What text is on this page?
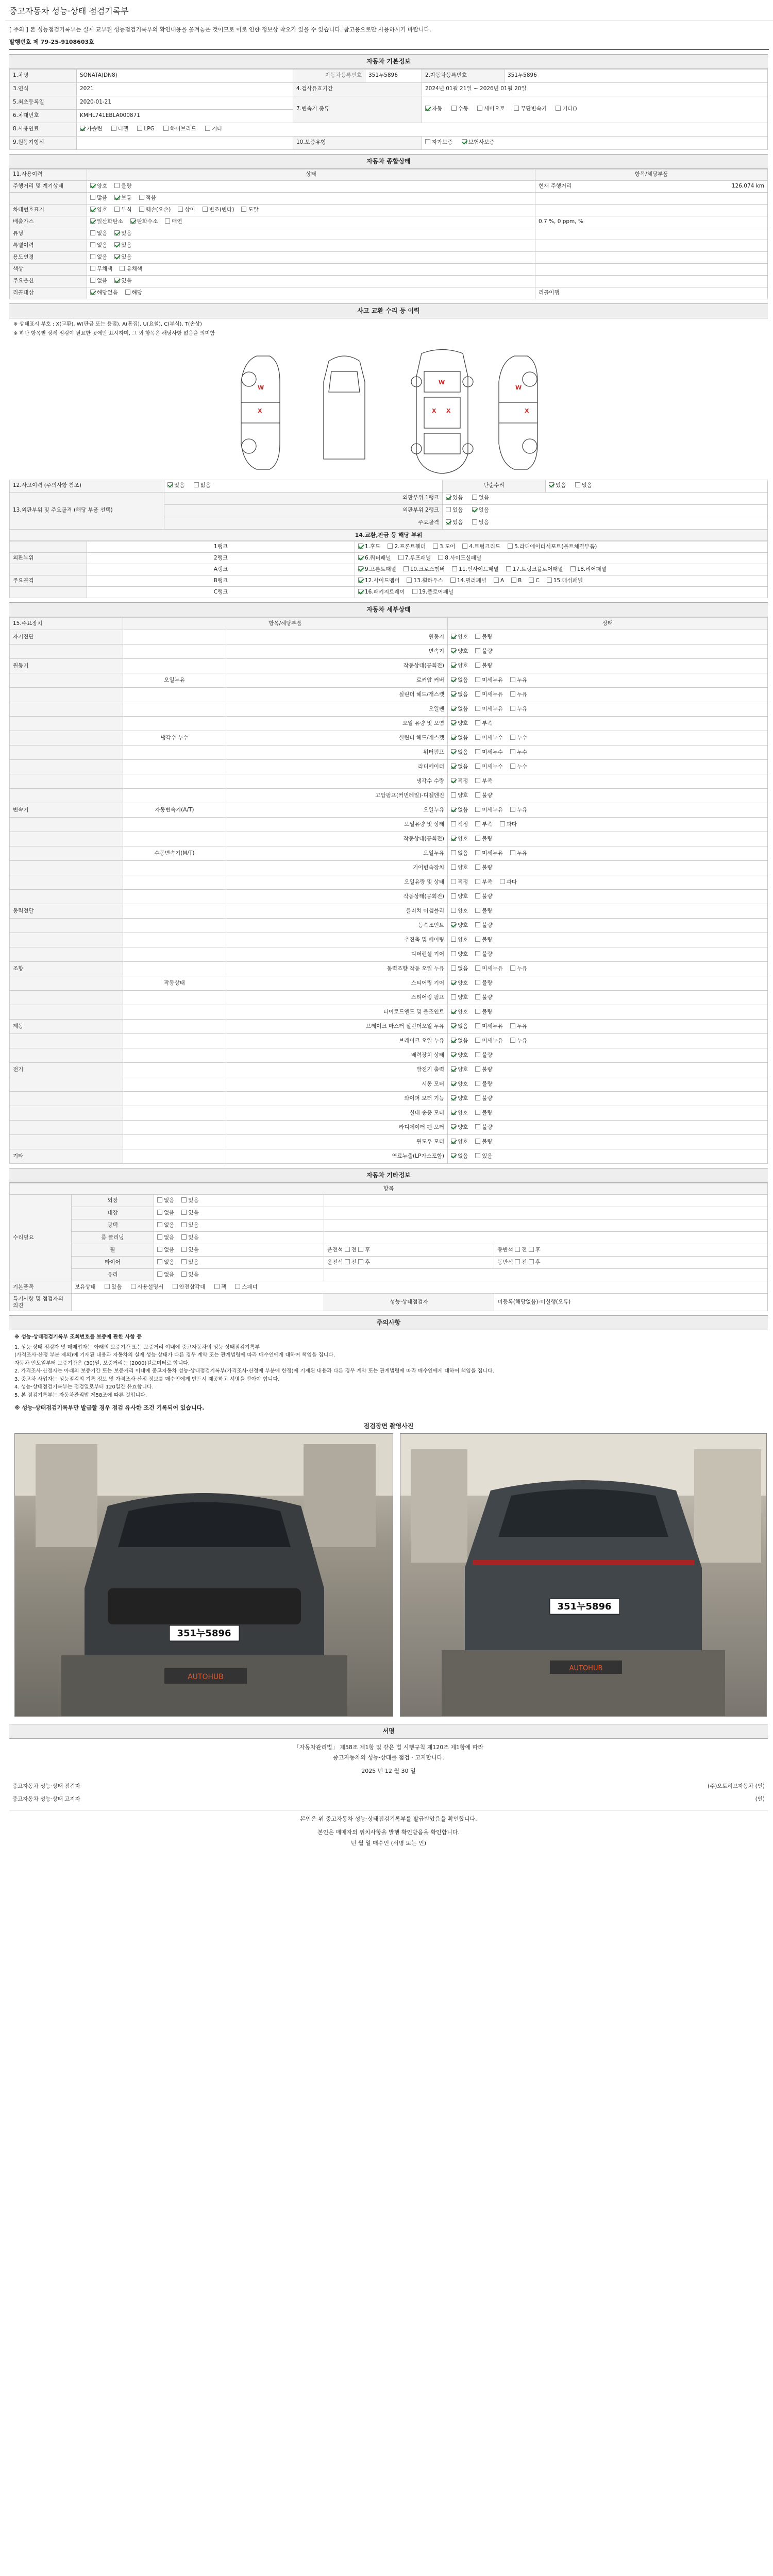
중고자동차 성능·상태 점검기록부
[ 주의 ] 본 성능점검기록부는 실제 교부된 성능점검기록부의 확인내용을 옮겨놓은 것이므로 이로 인한 정보상 착오가 있을 수 있습니다. 참고용으로만 사용하시기 바랍니다.
발행번호 제 79-25-9108603호
자동차 기본정보
1.차명	SONATA(DN8)	자동차등록번호	351누5896	2.자동차등록번호	351누5896
3.연식	2021	4.검사유효기간		2024년 01월 21일 ~ 2026년 01월 20일	
5.최초등록일	2020-01-21	7.변속기 종류		자동 수동 세미오토 무단변속기 기타()	
6.차대번호	KMHL741EBLA000871				
8.사용연료	가솔린 디젤 LPG 하이브리드 기타				
9.원동기형식		10.보증유형		자가보증 보험사보증	
자동차 종합상태
11.사용이력	상태	항목/해당부품
주행거리 및 계기상태	양호 불량	현재 주행거리 126,074 km

	많음 보통 적음	
차대번호표기	양호 부식 훼손(오손) 상이 변조(변타) 도말	
배출가스	일산화탄소 탄화수소 매연	0.7 %, 0 ppm, %
튜닝	없음 있음	
특별이력	없음 있음	
용도변경	없음 있음	
색상	무채색 유채색	
주요옵션	없음 있음	
리콜대상	해당없음 해당	리콜이행
사고 교환 수리 등 이력
※ 상태표시 부호 : X(교환), W(판금 또는 용접), A(흠집), U(요철), C(부식), T(손상)
※ 하단 항목별 상세 점검이 필요한 곳에만 표시하며, 그 외 항목은 해당사항 없음을 의미함
W
X
W
X X
W
X
12.사고이력 (주의사항 참조)	있음 없음	단순수리	있음 없음
13.외판부위 및 주요골격 (해당 부품 선택)	외판부위 1랭크	있음 없음	
	외판부위 2랭크	있음 없음	
	주요골격	있음 없음	
14.교환,판금 등 해당 부위
	1랭크	1.후드 2.프론트휀더 3.도어 4.트렁크리드 5.라디에이터서포트(볼트체결부품)
외판부위	2랭크	6.쿼터패널 7.루프패널 8.사이드실패널
	A랭크	9.프론트패널 10.크로스멤버 11.인사이드패널 17.트렁크플로어패널 18.리어패널
주요골격	B랭크	12.사이드멤버 13.휠하우스 14.필러패널 A B C 15.대쉬패널
	C랭크	16.패키지트레이 19.플로어패널
자동차 세부상태
15.주요장치	항목/해당부품		상태
자기진단		원동기	양호 불량
		변속기	양호 불량
원동기		작동상태(공회전)	양호 불량
	오일누유	로커암 커버	없음 미세누유 누유
		실린더 헤드/개스켓	없음 미세누유 누유
		오일팬	없음 미세누유 누유
		오일 유량 및 오염	양호 부족
	냉각수 누수	실린더 헤드/개스켓	없음 미세누수 누수
		워터펌프	없음 미세누수 누수
		라디에이터	없음 미세누수 누수
		냉각수 수량	적정 부족
		고압펌프(커먼레일)-디젤엔진	양호 불량
변속기	자동변속기(A/T)	오일누유	없음 미세누유 누유
		오일유량 및 상태	적정 부족 과다
		작동상태(공회전)	양호 불량
	수동변속기(M/T)	오일누유	없음 미세누유 누유
		기어변속장치	양호 불량
		오일유량 및 상태	적정 부족 과다
		작동상태(공회전)	양호 불량
동력전달		클러치 어셈블리	양호 불량
		등속조인트	양호 불량
		추진축 및 베어링	양호 불량
		디퍼렌셜 기어	양호 불량
조향		동력조향 작동 오일 누유	없음 미세누유 누유
	작동상태	스티어링 기어	양호 불량
		스티어링 펌프	양호 불량
		타이로드엔드 및 볼조인트	양호 불량
제동		브레이크 마스터 실린더오일 누유	없음 미세누유 누유
		브레이크 오일 누유	없음 미세누유 누유
		배력장치 상태	양호 불량
전기		발전기 출력	양호 불량
		시동 모터	양호 불량
		와이퍼 모터 기능	양호 불량
		실내 송풍 모터	양호 불량
		라디에이터 팬 모터	양호 불량
		윈도우 모터	양호 불량
기타		연료누출(LP가스포함)	없음 있음
자동차 기타정보
항목				
수리필요	외장	없음 있음		
	내장	없음 있음		
	광택	없음 있음		
	룸 클리닝	없음 있음		
	휠	없음 있음	운전석 전 후	동반석 전 후
	타이어	없음 있음	운전석 전 후	동반석 전 후
	유리	없음 있음		
기본품목	보유상태 있음 사용설명서 안전삼각대 잭 스패너			
특기사항 및 점검자의 의견			성능·상태점검자	미등록(해당없음)-미실행(오류)
주의사항
※ 성능·상태점검기록부 조회번호를 보증에 관한 사항 등
1. 성능·상태 점검자 및 매매업자는 아래의 보증기간 또는 보증거리 이내에 중고자동차의 성능·상태점검기록부
(가격조사·산정 부분 제외)에 기재된 내용과 자동차의 실제 성능·상태가 다른 경우 계약 또는 관계법령에 따라 매수인에게 대하여 책임을 집니다.
자동차 인도일부터 보증기간은 (30)일, 보증거리는 (2000)킬로미터로 합니다.
2. 가격조사·산정자는 아래의 보증기간 또는 보증거리 이내에 중고자동차 성능·상태점검기록부(가격조사·산정에 부분에 한정)에 기재된 내용과 다른 경우 계약 또는 관계법령에 따라 매수인에게 대하여 책임을 집니다.
3. 중고차 사업자는 성능점검의 기록 정보 및 가격조사·산정 정보를 매수인에게 반드시 제공하고 서명을 받아야 합니다.
4. 성능·상태점검기록부는 점검일로부터 120일간 유효합니다.
5. 본 점검기록부는 자동차관리법 제58조에 따른 것입니다.
※ 성능·상태점검기록부만 발급할 경우 점검 유사한 조건 기록되어 있습니다.
점검장면 촬영사진
351누5896
AUTOHUB
351누5896
AUTOHUB
서명
「자동차관리법」 제58조 제1항 및 같은 법 시행규칙 제120조 제1항에 따라
중고자동차의 성능·상태를 점검 · 고지합니다.
2025 년 12 월 30 일
중고자동차 성능·상태 점검자	(주)오토허브자동차 (인)
중고자동차 성능·상태 고지자	(인)
본인은 위 중고자동차 성능·상태점검기록부를 발급받았음을 확인합니다.
본인은 매매자의 위치사항을 발행 확인받음을 확인합니다.
년 월 일 매수인 (서명 또는 인)
